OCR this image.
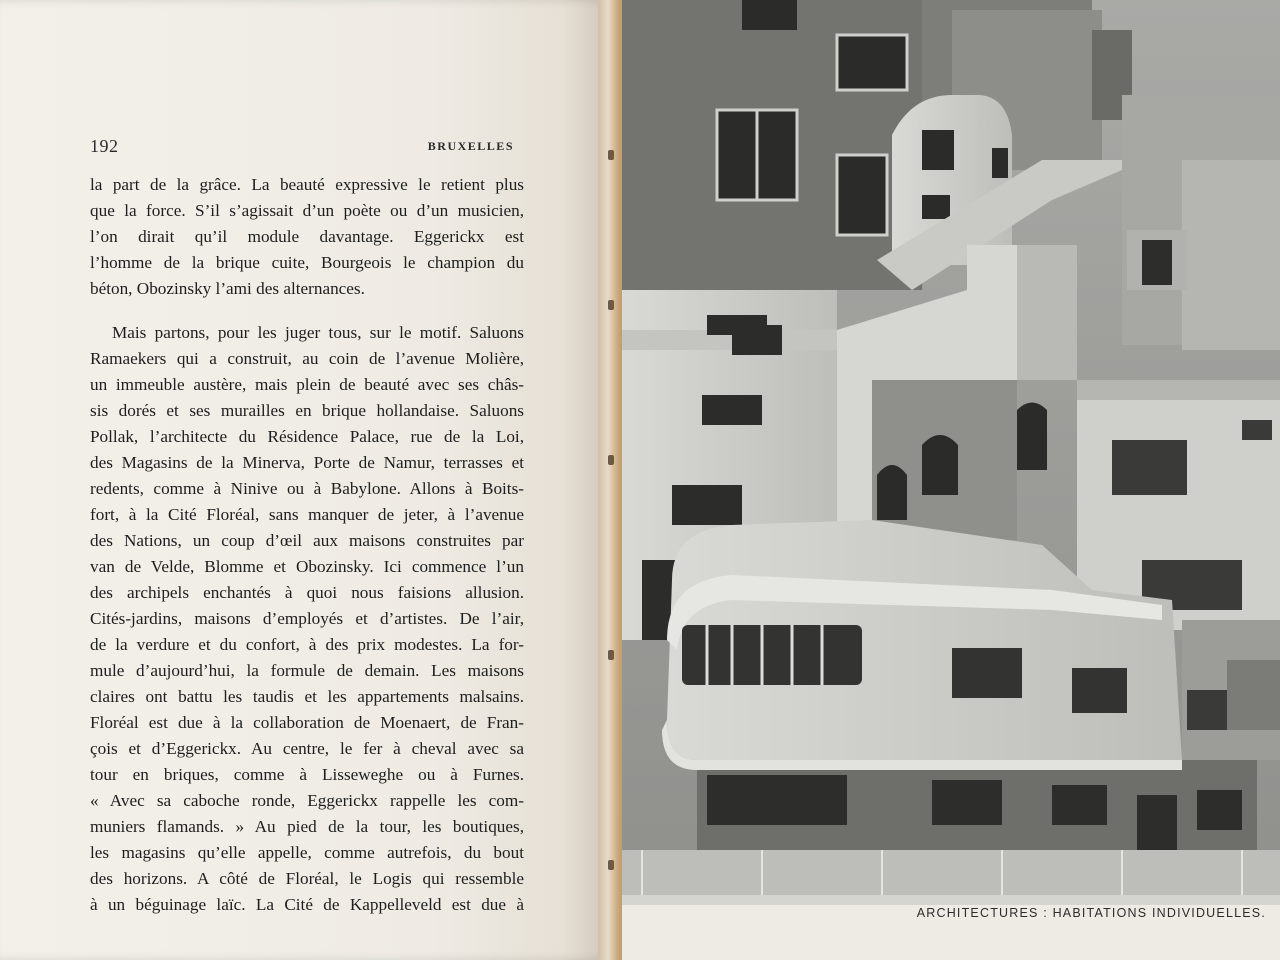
192	BRUXELLES
la part de la grâce. La beauté expressive le retient plus
que la force. S’il s’agissait d’un poète ou d’un musicien,
l’on dirait qu’il module davantage. Eggerickx est
l’homme de la brique cuite, Bourgeois le champion du
béton, Obozinsky l’ami des alternances.
Mais partons, pour les juger tous, sur le motif. Saluons
Ramaekers qui a construit, au coin de l’avenue Molière,
un immeuble austère, mais plein de beauté avec ses châs-
sis dorés et ses murailles en brique hollandaise. Saluons
Pollak, l’architecte du Résidence Palace, rue de la Loi,
des Magasins de la Minerva, Porte de Namur, terrasses et
redents, comme à Ninive ou à Babylone. Allons à Boits-
fort, à la Cité Floréal, sans manquer de jeter, à l’avenue
des Nations, un coup d’œil aux maisons construites par
van de Velde, Blomme et Obozinsky. Ici commence l’un
des archipels enchantés à quoi nous faisions allusion.
Cités-jardins, maisons d’employés et d’artistes. De l’air,
de la verdure et du confort, à des prix modestes. La for-
mule d’aujourd’hui, la formule de demain. Les maisons
claires ont battu les taudis et les appartements malsains.
Floréal est due à la collaboration de Moenaert, de Fran-
çois et d’Eggerickx. Au centre, le fer à cheval avec sa
tour en briques, comme à Lisseweghe ou à Furnes.
« Avec sa caboche ronde, Eggerickx rappelle les com-
muniers flamands. » Au pied de la tour, les boutiques,
les magasins qu’elle appelle, comme autrefois, du bout
des horizons. A côté de Floréal, le Logis qui ressemble
à un béguinage laïc. La Cité de Kappelleveld est due à	ARCHITECTURES : HABITATIONS INDIVIDUELLES.
